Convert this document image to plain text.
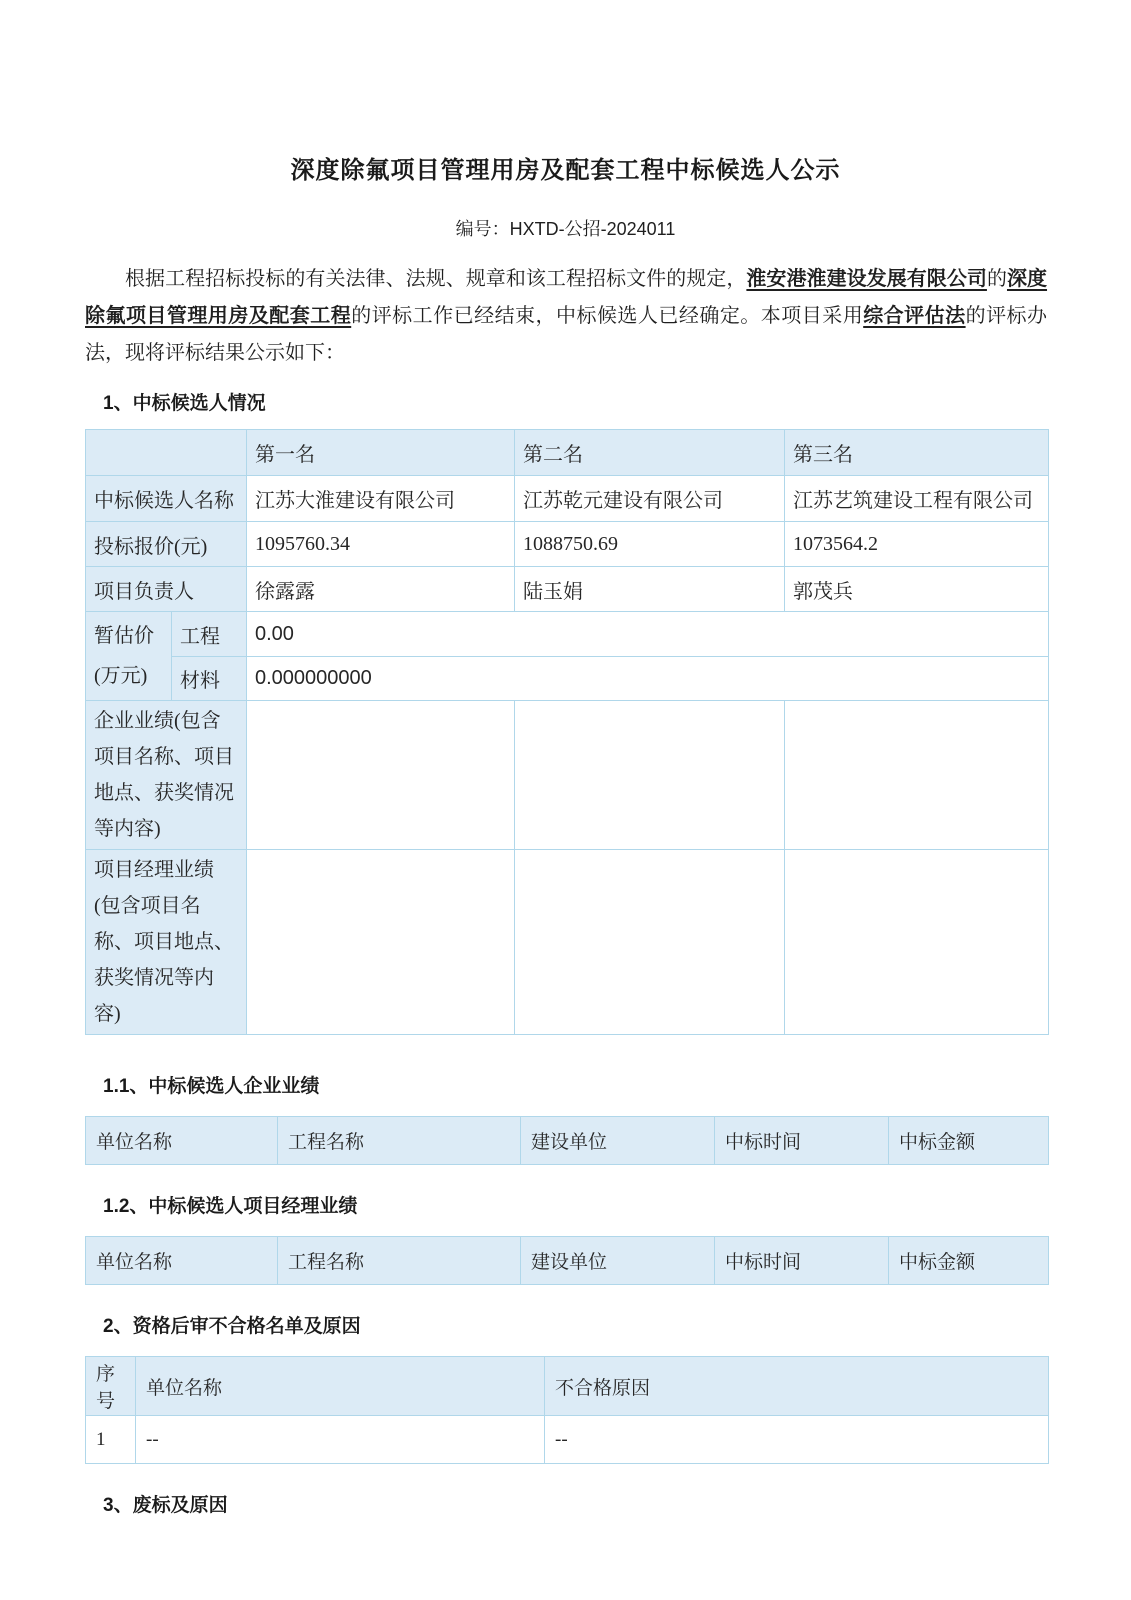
深度除氟项目管理用房及配套工程中标候选人公示
编号：HXTD-公招-2024011

根据工程招标投标的有关法律、法规、规章和该工程招标文件的规定，淮安港淮建设发展有限公司的深度除氟项目管理用房及配套工程的评标工作已经结束，中标候选人已经确定。本项目采用综合评估法的评标办法，现将评标结果公示如下：

1、中标候选人情况
		第一名	第二名	第三名
中标候选人名称		江苏大淮建设有限公司	江苏乾元建设有限公司	江苏艺筑建设工程有限公司
投标报价(元)		1095760.34	1088750.69	1073564.2
项目负责人		徐露露	陆玉娟	郭茂兵
暂估价(万元)	工程	0.00		
	材料	0.000000000		
企业业绩(包含项目名称、项目地点、获奖情况等内容)				
项目经理业绩(包含项目名称、项目地点、获奖情况等内容)				
1.1、中标候选人企业业绩
单位名称	工程名称	建设单位	中标时间	中标金额
1.2、中标候选人项目经理业绩
单位名称	工程名称	建设单位	中标时间	中标金额
2、资格后审不合格名单及原因
序号	单位名称	不合格原因
1	--	--
3、废标及原因
